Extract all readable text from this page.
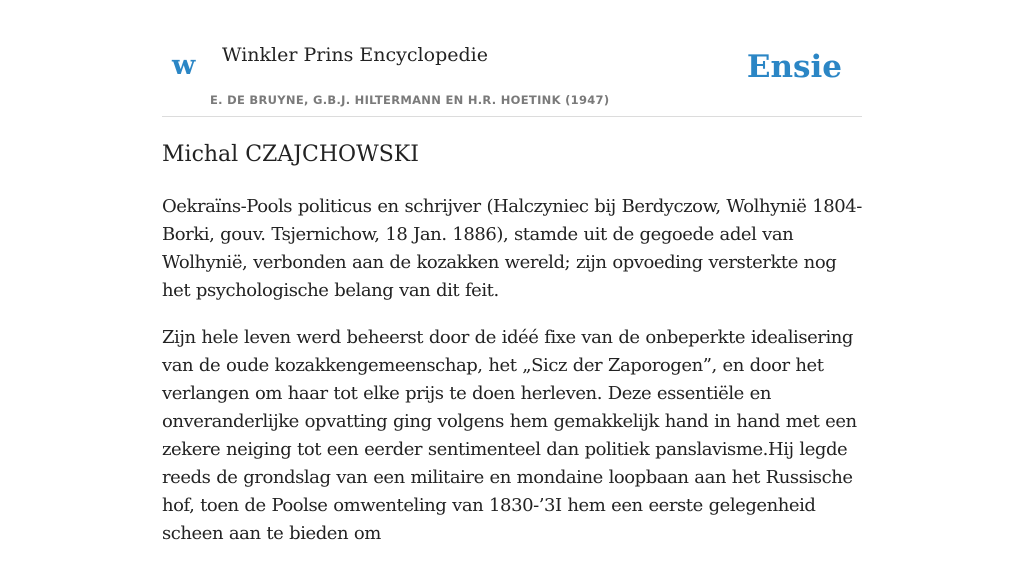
w Winkler Prins Encyclopedie	Ensie
E. DE BRUYNE, G.B.J. HILTERMANN EN H.R. HOETINK (1947)
Michal CZAJCHOWSKI

Oekraïns-Pools politicus en schrijver (Halczyniec bij Berdyczow, Wolhynië 1804-Borki, gouv. Tsjernichow, 18 Jan. 1886), stamde uit de gegoede adel van Wolhynië, verbonden aan de kozakken wereld; zijn opvoeding versterkte nog het psychologische belang van dit feit.

Zijn hele leven werd beheerst door de idéé fixe van de onbeperkte idealisering van de oude kozakkengemeenschap, het „Sicz der Zaporogen”, en door het verlangen om haar tot elke prijs te doen herleven. Deze essentiële en onveranderlijke opvatting ging volgens hem gemakkelijk hand in hand met een zekere neiging tot een eerder sentimenteel dan politiek panslavisme.Hij legde reeds de grondslag van een militaire en mondaine loopbaan aan het Russische hof, toen de Poolse omwenteling van 1830-’3I hem een eerste gelegenheid scheen aan te bieden om
